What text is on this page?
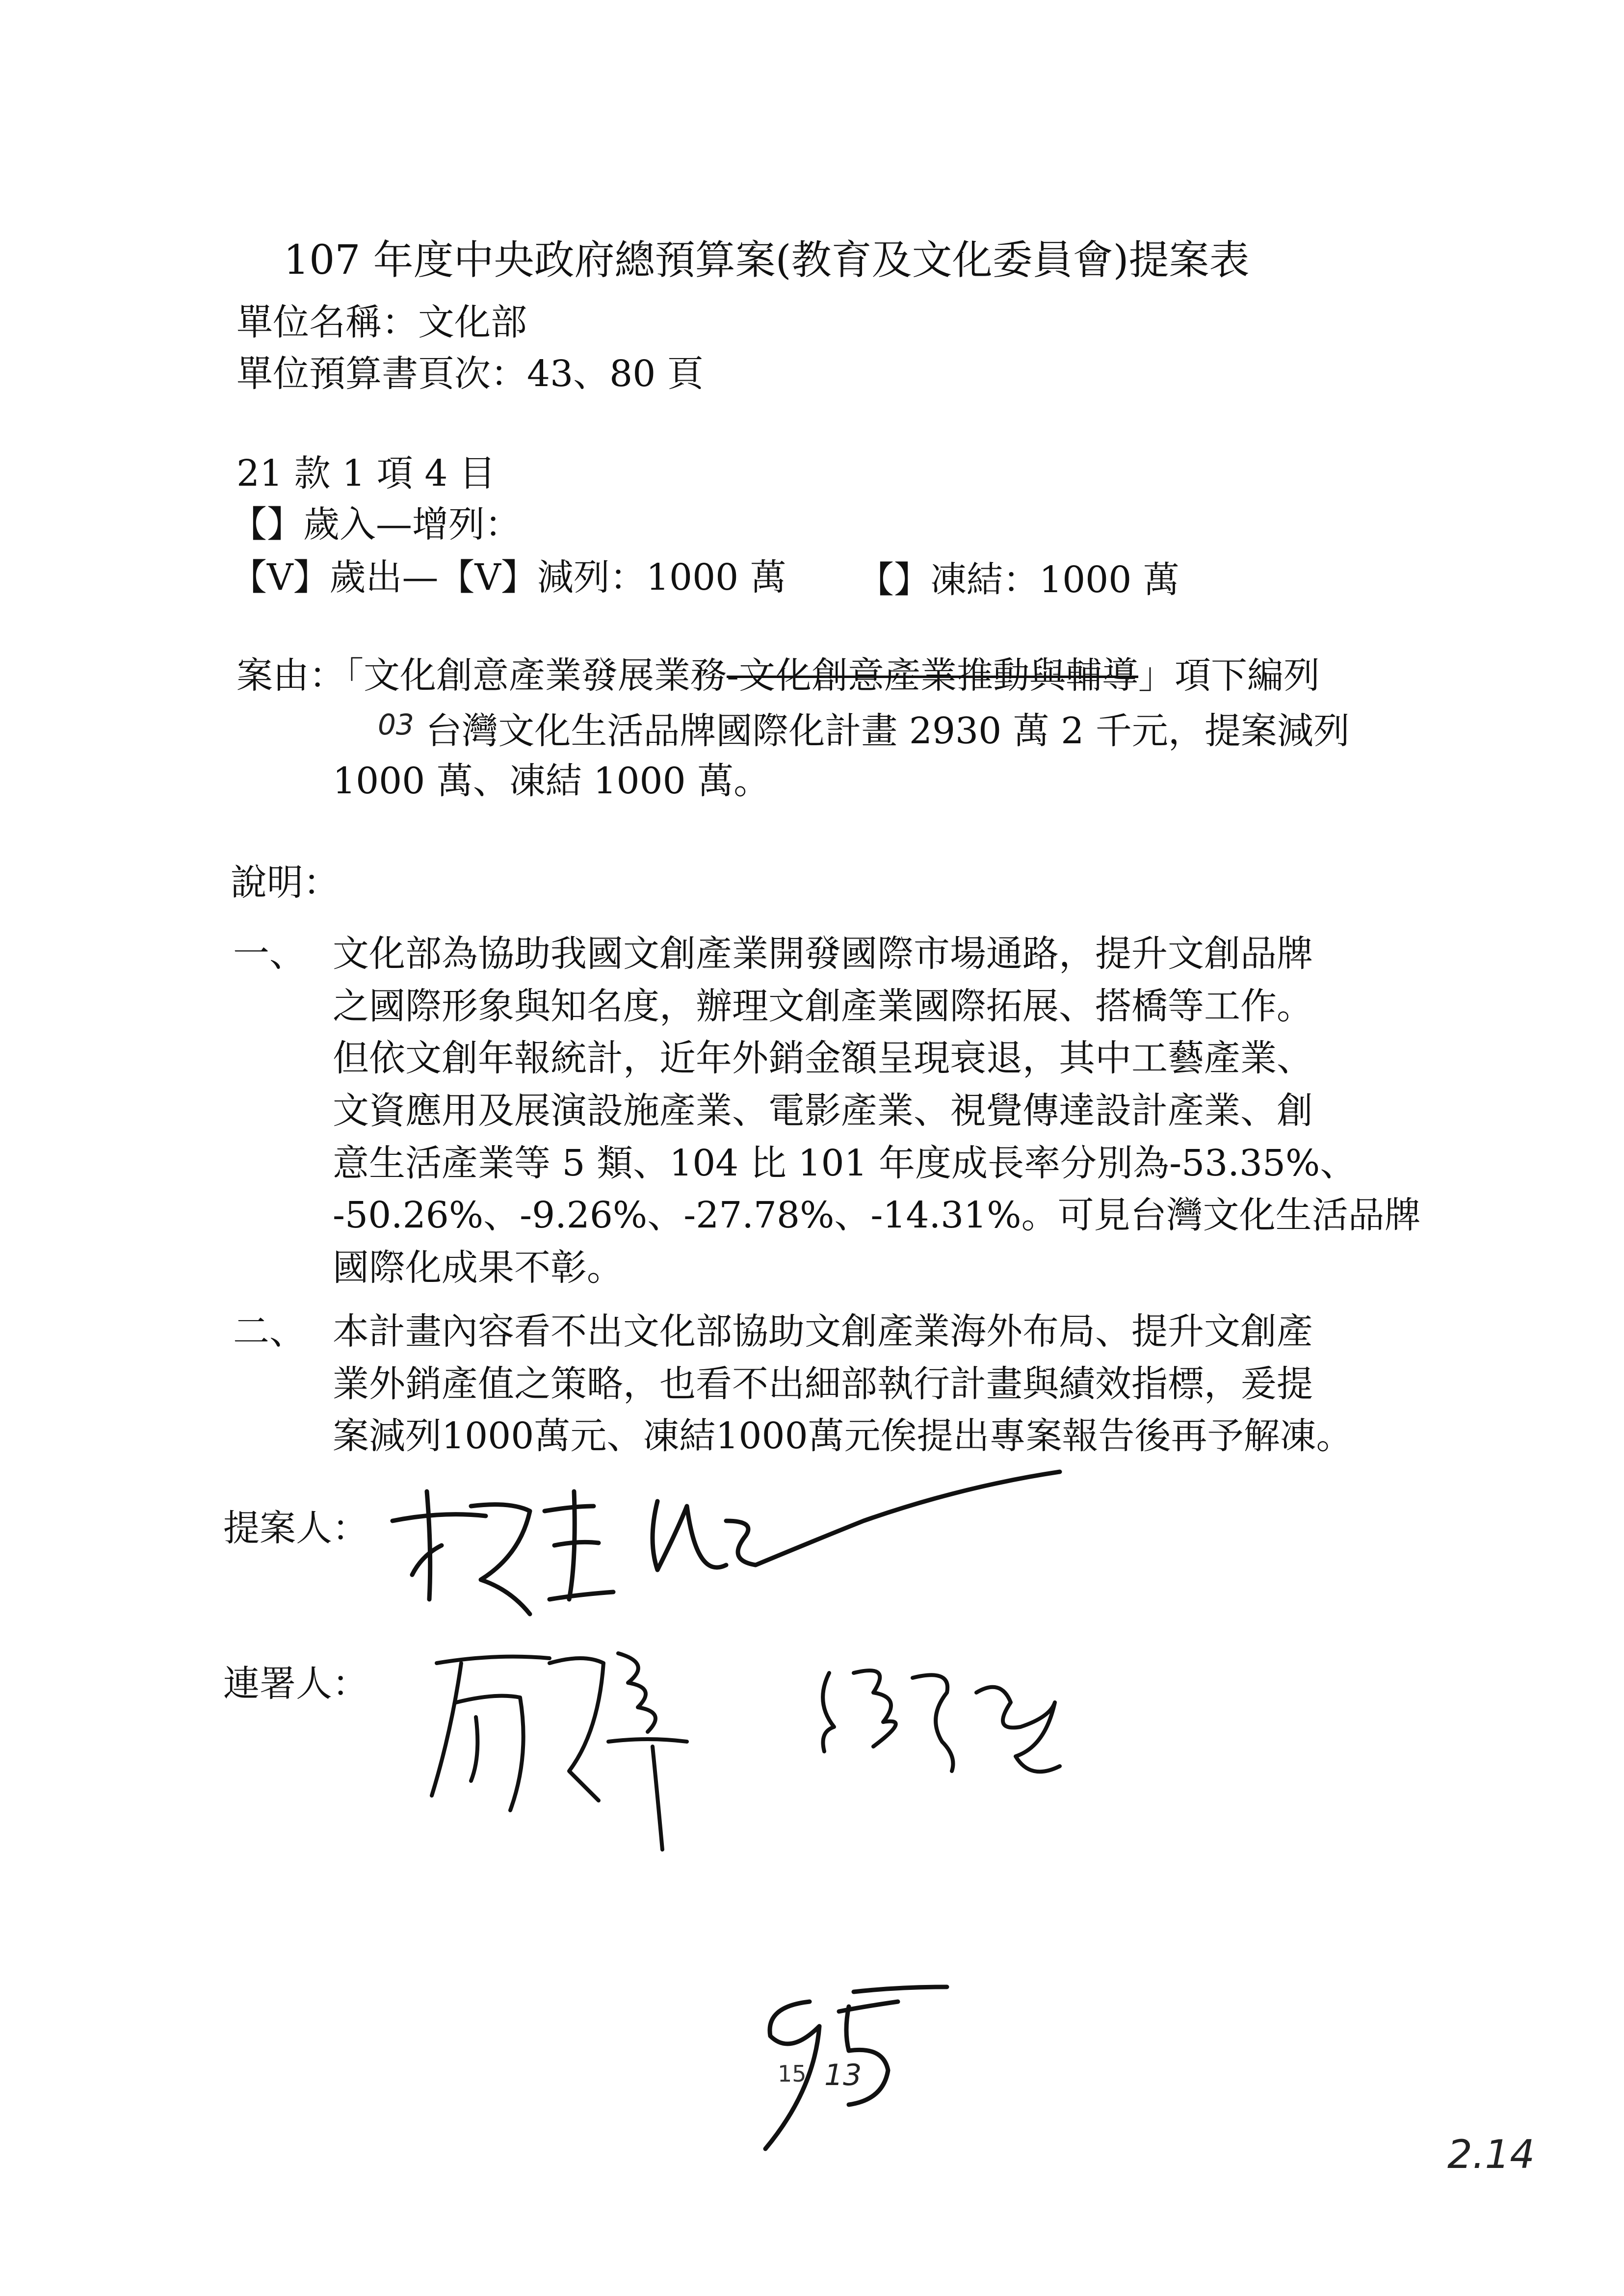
107 年度中央政府總預算案(教育及文化委員會)提案表
單位名稱：文化部
單位預算書頁次：43、80 頁
21 款 1 項 4 目
【】歲入—增列：
【V】歲出—【V】減列：1000 萬 【】凍結：1000 萬
案由：「文化創意產業發展業務-文化創意產業推動與輔導」項下編列
$^{03}$ 台灣文化生活品牌國際化計畫 2930 萬 2 千元，提案減列
1000 萬、凍結 1000 萬。
說明：
一、 文化部為協助我國文創產業開發國際市場通路，提升文創品牌
之國際形象與知名度，辦理文創產業國際拓展、搭橋等工作。
但依文創年報統計，近年外銷金額呈現衰退，其中工藝產業、
文資應用及展演設施產業、電影產業、視覺傳達設計產業、創
意生活產業等 5 類、104 比 101 年度成長率分別為-53.35%、
-50.26%、-9.26%、-27.78%、-14.31%。可見台灣文化生活品牌
國際化成果不彰。
二、 本計畫內容看不出文化部協助文創產業海外布局、提升文創產
業外銷產值之策略，也看不出細部執行計畫與績效指標，爰提
案減列1000萬元、凍結1000萬元俟提出專案報告後再予解凍。
提案人：
連署人：
15 13
2.14
